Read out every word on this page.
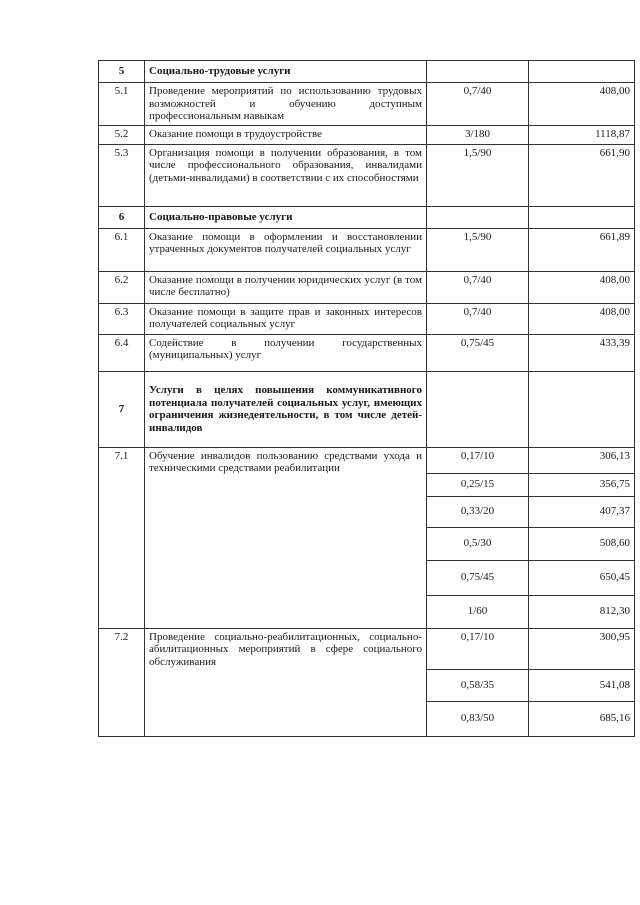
5	Социально-трудовые услуги		
5.1	Проведение мероприятий по использованию трудовых возможностей и обучению доступным профессиональным навыкам	0,7/40	408,00
5.2	Оказание помощи в трудоустройстве	3/180	1118,87
5.3	Организация помощи в получении образования, в том числе профессионального образования, инвалидами (детьми-инвалидами) в соответствии с их способностями	1,5/90	661,90
6	Социально-правовые услуги		
6.1	Оказание помощи в оформлении и восстановлении утраченных документов получателей социальных услуг	1,5/90	661,89
6.2	Оказание помощи в получении юридических услуг (в том числе бесплатно)	0,7/40	408,00
6.3	Оказание помощи в защите прав и законных интересов получателей социальных услуг	0,7/40	408,00
6.4	Содействие в получении государственных (муниципальных) услуг	0,75/45	433,39
7	Услуги в целях повышения коммуникативного потенциала получателей социальных услуг, имеющих ограничения жизнедеятельности, в том числе детей-инвалидов		
7.1	Обучение инвалидов пользованию средствами ухода и техническими средствами реабилитации	0,17/10	306,13
		0,25/15	356,75
		0,33/20	407,37
		0,5/30	508,60
		0,75/45	650,45
		1/60	812,30
7.2	Проведение социально-реабилитационных, социально-абилитационных мероприятий в сфере социального обслуживания	0,17/10	300,95
		0,58/35	541,08
		0,83/50	685,16
